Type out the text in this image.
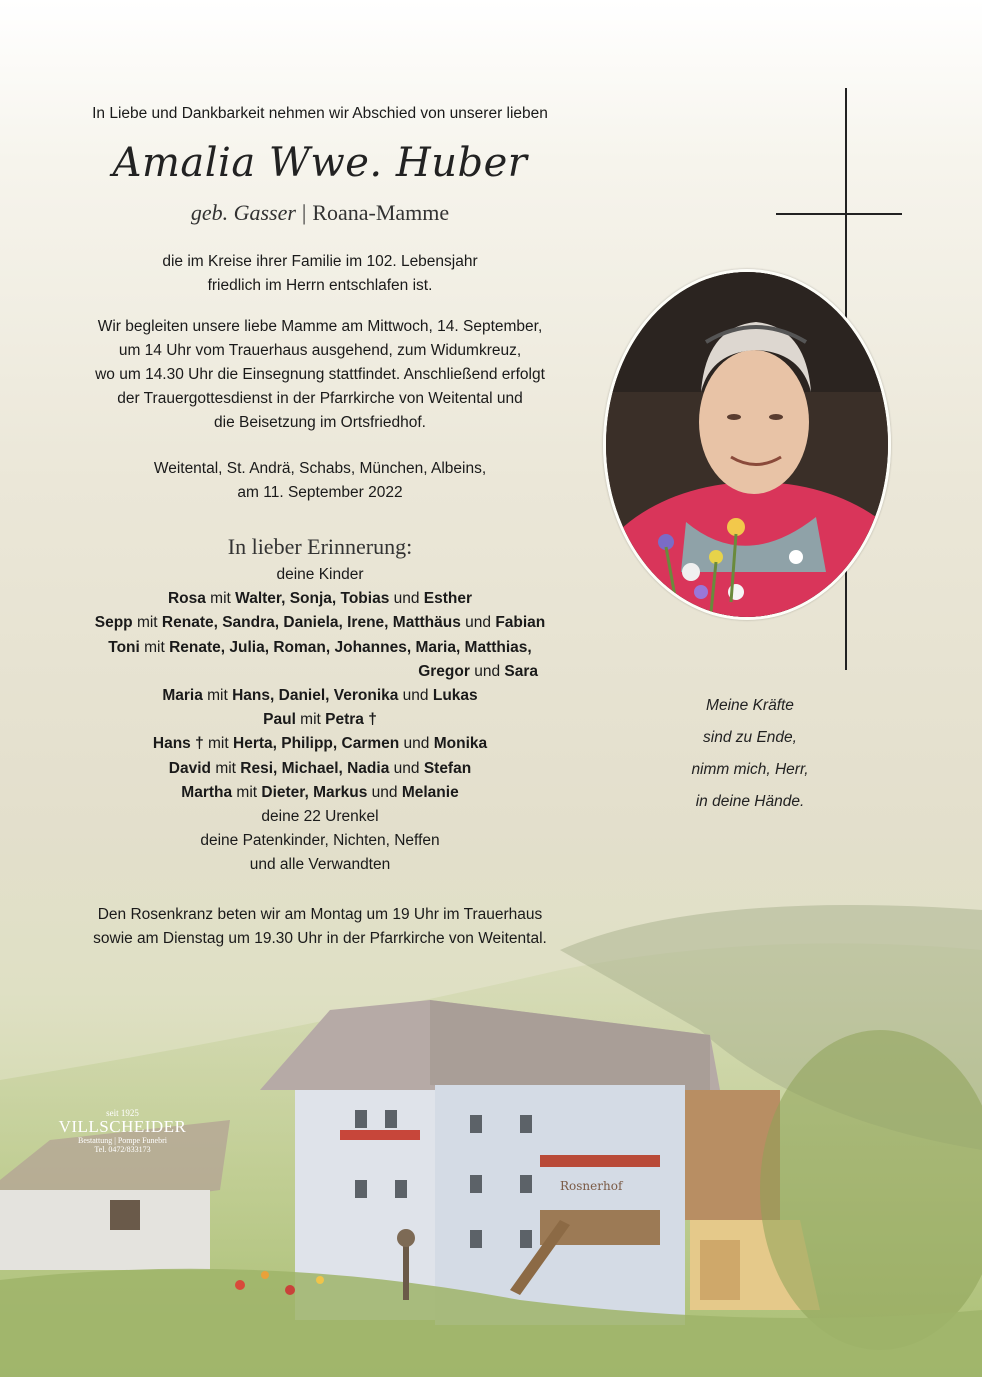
In Liebe und Dankbarkeit nehmen wir Abschied von unserer lieben
Amalia Wwe. Huber
geb. Gasser | Roana-Mamme
die im Kreise ihrer Familie im 102. Lebensjahr
friedlich im Herrn entschlafen ist.
Wir begleiten unsere liebe Mamme am Mittwoch, 14. September,
um 14 Uhr vom Trauerhaus ausgehend, zum Widumkreuz,
wo um 14.30 Uhr die Einsegnung stattfindet. Anschließend erfolgt
der Trauergottesdienst in der Pfarrkirche von Weitental und
die Beisetzung im Ortsfriedhof.
Weitental, St. Andrä, Schabs, München, Albeins,
am 11. September 2022
In lieber Erinnerung:
deine Kinder
Rosa mit Walter, Sonja, Tobias und Esther
Sepp mit Renate, Sandra, Daniela, Irene, Matthäus und Fabian
Toni mit Renate, Julia, Roman, Johannes, Maria, Matthias,
Gregor und Sara
Maria mit Hans, Daniel, Veronika und Lukas
Paul mit Petra †
Hans † mit Herta, Philipp, Carmen und Monika
David mit Resi, Michael, Nadia und Stefan
Martha mit Dieter, Markus und Melanie
deine 22 Urenkel
deine Patenkinder, Nichten, Neffen
und alle Verwandten
Den Rosenkranz beten wir am Montag um 19 Uhr im Trauerhaus
sowie am Dienstag um 19.30 Uhr in der Pfarrkirche von Weitental.
Meine Kräfte
sind zu Ende,
nimm mich, Herr,
in deine Hände.
Rosnerhof
seit 1925
VILLSCHEIDER
Bestattung | Pompe Funebri
Tel. 0472/833173
